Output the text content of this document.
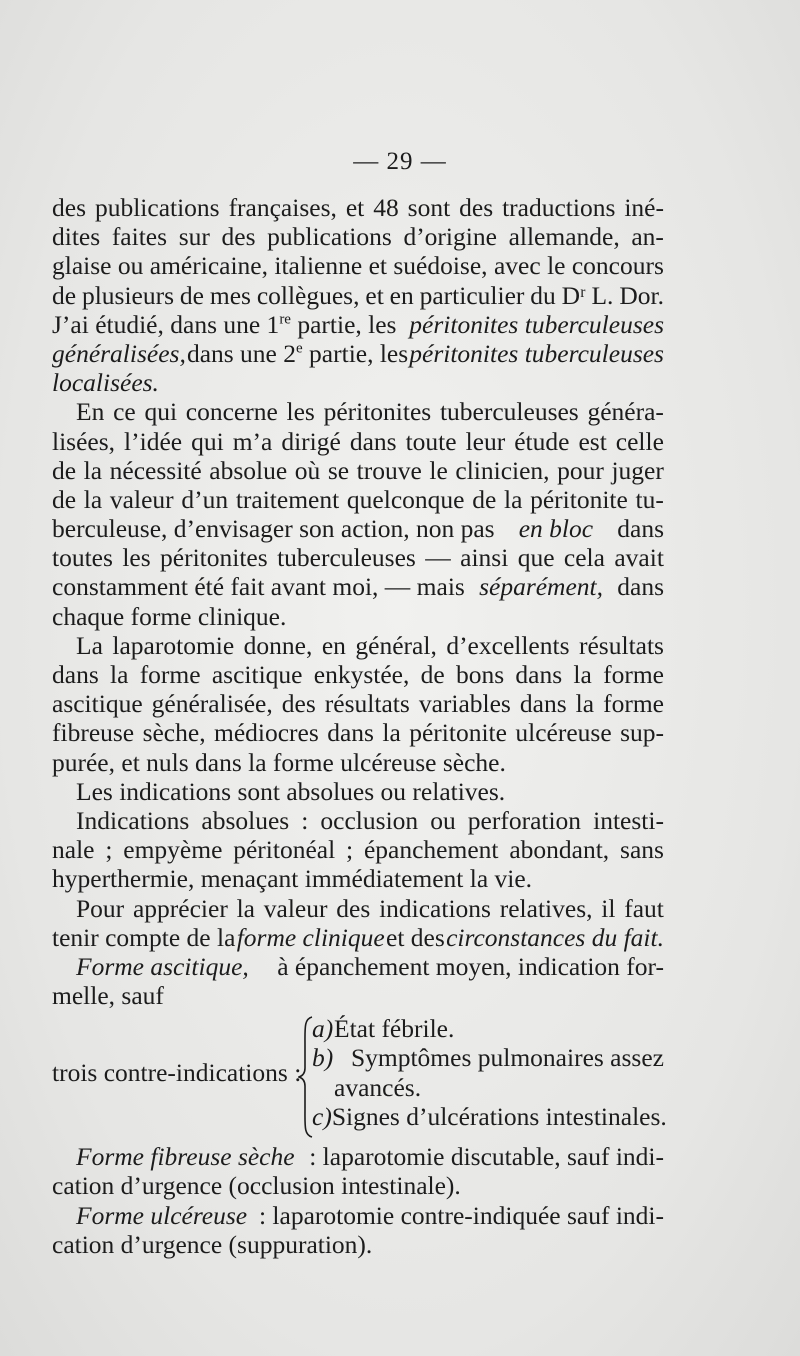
— 29 —
des publications françaises, et 48 sont des traductions iné-
dites faites sur des publications d’origine allemande, an-
glaise ou américaine, italienne et suédoise, avec le concours
de plusieurs de mes collègues, et en particulier du Dʳ L. Dor.
J’ai étudié, dans une 1re partie, les péritonites tuberculeuses
généralisées, dans une 2e partie, les péritonites tuberculeuses
localisées.
En ce qui concerne les péritonites tuberculeuses généra-
lisées, l’idée qui m’a dirigé dans toute leur étude est celle
de la nécessité absolue où se trouve le clinicien, pour juger
de la valeur d’un traitement quelconque de la péritonite tu-
berculeuse, d’envisager son action, non pas en bloc dans
toutes les péritonites tuberculeuses — ainsi que cela avait
constamment été fait avant moi, — mais séparément, dans
chaque forme clinique.
La laparotomie donne, en général, d’excellents résultats
dans la forme ascitique enkystée, de bons dans la forme
ascitique généralisée, des résultats variables dans la forme
fibreuse sèche, médiocres dans la péritonite ulcéreuse sup-
purée, et nuls dans la forme ulcéreuse sèche.
Les indications sont absolues ou relatives.
Indications absolues : occlusion ou perforation intesti-
nale ; empyème péritonéal ; épanchement abondant, sans
hyperthermie, menaçant immédiatement la vie.
Pour apprécier la valeur des indications relatives, il faut
tenir compte de la forme clinique et des circonstances du fait.
Forme ascitique, à épanchement moyen, indication for-
melle, sauf
trois contre-indications :
a) État fébrile.
b) Symptômes pulmonaires assez
avancés.
c) Signes d’ulcérations intestinales.
Forme fibreuse sèche : laparotomie discutable, sauf indi-
cation d’urgence (occlusion intestinale).
Forme ulcéreuse : laparotomie contre-indiquée sauf indi-
cation d’urgence (suppuration).
